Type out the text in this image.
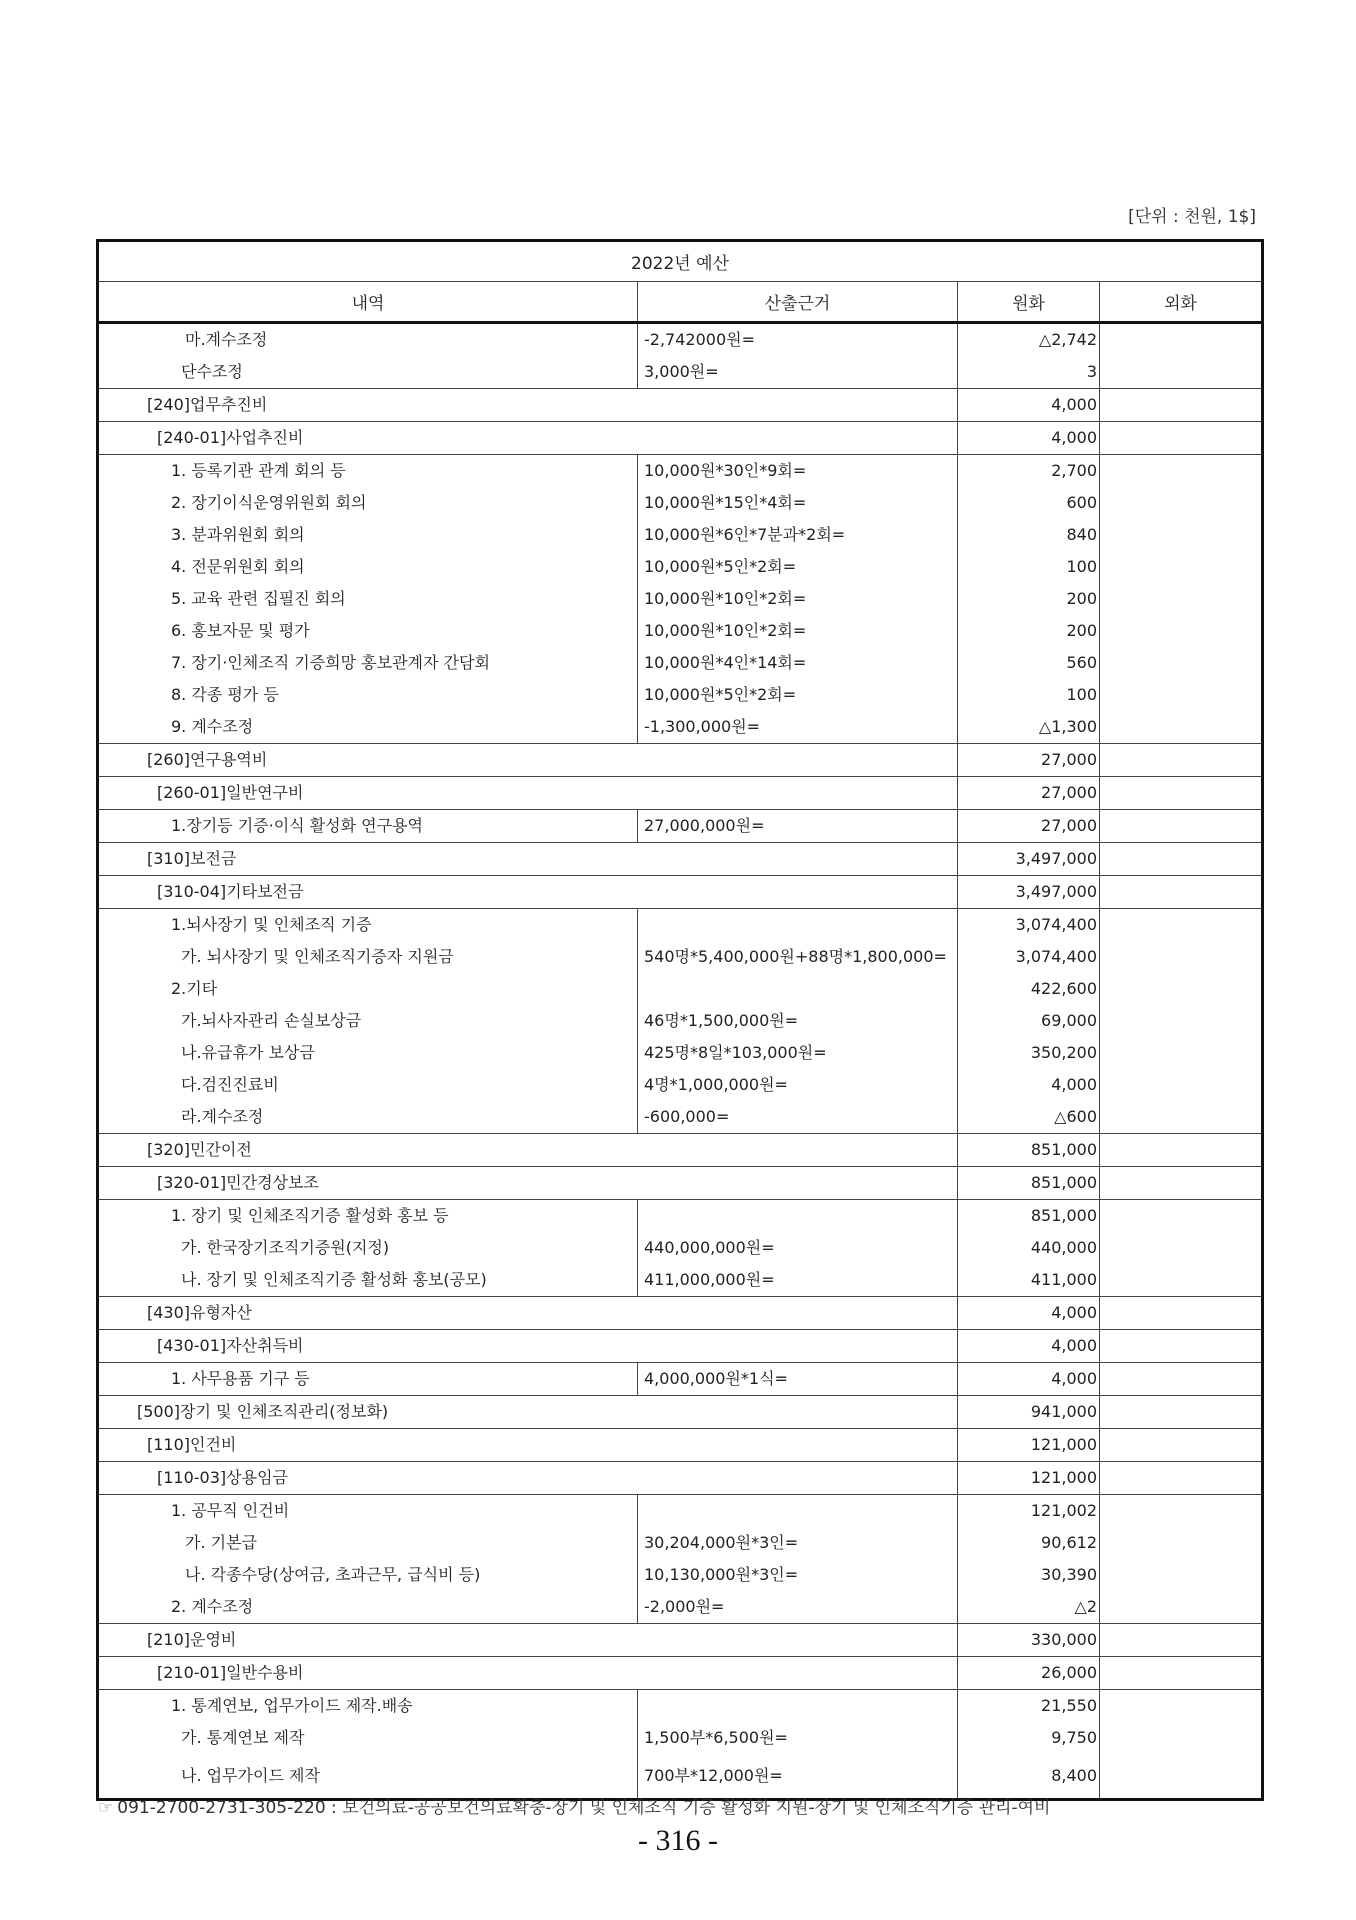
[단위 : 천원, 1$]
2022년 예산			
내역	산출근거	원화	외화
마.계수조정	-2,742000원=	△2,742	
단수조정	3,000원=	3	
[240]업무추진비		4,000	
[240-01]사업추진비		4,000	
1. 등록기관 관계 회의 등	10,000원*30인*9회=	2,700	
2. 장기이식운영위원회 회의	10,000원*15인*4회=	600	
3. 분과위원회 회의	10,000원*6인*7분과*2회=	840	
4. 전문위원회 회의	10,000원*5인*2회=	100	
5. 교육 관련 집필진 회의	10,000원*10인*2회=	200	
6. 홍보자문 및 평가	10,000원*10인*2회=	200	
7. 장기·인체조직 기증희망 홍보관계자 간담회	10,000원*4인*14회=	560	
8. 각종 평가 등	10,000원*5인*2회=	100	
9. 계수조정	-1,300,000원=	△1,300	
[260]연구용역비		27,000	
[260-01]일반연구비		27,000	
1.장기등 기증·이식 활성화 연구용역	27,000,000원=	27,000	
[310]보전금		3,497,000	
[310-04]기타보전금		3,497,000	
1.뇌사장기 및 인체조직 기증		3,074,400	
가. 뇌사장기 및 인체조직기증자 지원금	540명*5,400,000원+88명*1,800,000=	3,074,400	
2.기타		422,600	
가.뇌사자관리 손실보상금	46명*1,500,000원=	69,000	
나.유급휴가 보상금	425명*8일*103,000원=	350,200	
다.검진진료비	4명*1,000,000원=	4,000	
라.계수조정	-600,000=	△600	
[320]민간이전		851,000	
[320-01]민간경상보조		851,000	
1. 장기 및 인체조직기증 활성화 홍보 등		851,000	
가. 한국장기조직기증원(지정)	440,000,000원=	440,000	
나. 장기 및 인체조직기증 활성화 홍보(공모)	411,000,000원=	411,000	
[430]유형자산		4,000	
[430-01]자산취득비		4,000	
1. 사무용품 기구 등	4,000,000원*1식=	4,000	
[500]장기 및 인체조직관리(정보화)		941,000	
[110]인건비		121,000	
[110-03]상용임금		121,000	
1. 공무직 인건비		121,002	
가. 기본급	30,204,000원*3인=	90,612	
나. 각종수당(상여금, 초과근무, 급식비 등)	10,130,000원*3인=	30,390	
2. 계수조정	-2,000원=	△2	
[210]운영비		330,000	
[210-01]일반수용비		26,000	
1. 통계연보, 업무가이드 제작.배송		21,550	
가. 통계연보 제작	1,500부*6,500원=	9,750	
나. 업무가이드 제작	700부*12,000원=	8,400	
☞ 091-2700-2731-305-220 : 보건의료-공공보건의료확충-장기 및 인체조직 기증 활성화 지원-장기 및 인체조직기증 관리-여비
- 316 -
